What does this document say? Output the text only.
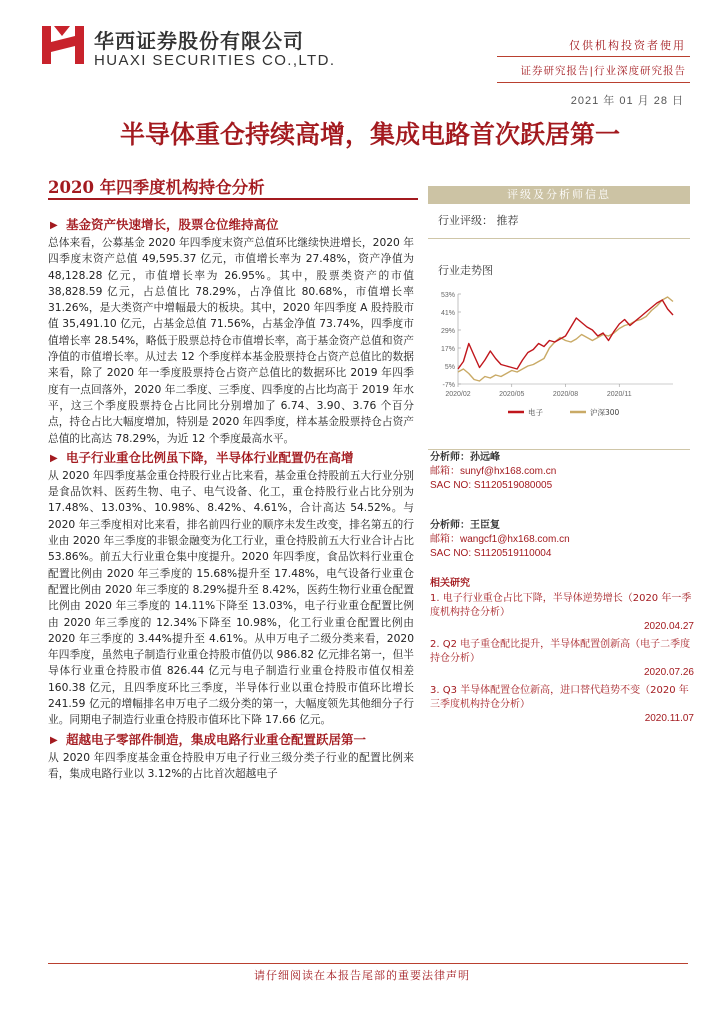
华西证券股份有限公司
HUAXI SECURITIES CO.,LTD.
仅供机构投资者使用
证券研究报告|行业深度研究报告
2021 年 01 月 28 日
半导体重仓持续高增，集成电路首次跃居第一
2020 年四季度机构持仓分析
▶ 基金资产快速增长，股票仓位维持高位

总体来看，公募基金 2020 年四季度末资产总值环比继续快进增长，2020 年四季度末资产总值 49,595.37 亿元，市值增长率为 27.48%，资产净值为 48,128.28 亿元，市值增长率为 26.95%。其中，股票类资产的市值 38,828.59 亿元，占总值比 78.29%，占净值比 80.68%，市值增长率 31.26%，是大类资产中增幅最大的板块。其中，2020 年四季度 A 股持股市值 35,491.10 亿元，占基金总值 71.56%，占基金净值 73.74%，四季度市值增长率 28.54%，略低于股票总持仓市值增长率，高于基金资产总值和资产净值的市值增长率。从过去 12 个季度样本基金股票持仓占资产总值比的数据来看，除了 2020 年一季度股票持仓占资产总值比的数据环比 2019 年四季度有一点回落外，2020 年二季度、三季度、四季度的占比均高于 2019 年水平，这三个季度股票持仓占比同比分别增加了 6.74、3.90、3.76 个百分点，持仓占比大幅度增加，特别是 2020 年四季度，样本基金股票持仓占资产总值的比高达 78.29%，为近 12 个季度最高水平。

▶ 电子行业重仓比例虽下降，半导体行业配置仍在高增

从 2020 年四季度基金重仓持股行业占比来看，基金重仓持股前五大行业分别是食品饮料、医药生物、电子、电气设备、化工，重仓持股行业占比分别为 17.48%、13.03%、10.98%、8.42%、4.61%，合计高达 54.52%。与 2020 年三季度相对比来看，排名前四行业的顺序未发生改变，排名第五的行业由 2020 年三季度的非银金融变为化工行业，重仓持股前五大行业合计占比 53.86%。前五大行业重仓集中度提升。2020 年四季度，食品饮料行业重仓配置比例由 2020 年三季度的 15.68%提升至 17.48%，电气设备行业重仓配置比例由 2020 年三季度的 8.29%提升至 8.42%，医药生物行业重仓配置比例由 2020 年三季度的 14.11%下降至 13.03%，电子行业重仓配置比例由 2020 年三季度的 12.34%下降至 10.98%，化工行业重仓配置比例由 2020 年三季度的 3.44%提升至 4.61%。从申万电子二级分类来看，2020 年四季度，虽然电子制造行业重仓持股市值仍以 986.82 亿元排名第一，但半导体行业重仓持股市值 826.44 亿元与电子制造行业重仓持股市值仅相差 160.38 亿元，且四季度环比三季度，半导体行业以重仓持股市值环比增长 241.59 亿元的增幅排名申万电子二级分类的第一，大幅度领先其他细分子行业。同期电子制造行业重仓持股市值环比下降 17.66 亿元。

▶ 超越电子零部件制造，集成电路行业重仓配置跃居第一

从 2020 年四季度基金重仓持股申万电子行业三级分类子行业的配置比例来看，集成电路行业以 3.12%的占比首次超越电子

评级及分析师信息
行业评级： 推荐
行业走势图
53%
41%
29%
17%
5%
-7%
2020/02	2020/05	2020/08	2020/11
电子	沪深300
分析师：孙远峰
邮箱：sunyf@hx168.com.cn
SAC NO: S1120519080005
分析师：王臣复
邮箱：wangcf1@hx168.com.cn
SAC NO: S1120519110004
相关研究
1. 电子行业重仓占比下降，半导体逆势增长（2020 年一季度机构持仓分析）
2020.04.27
2. Q2 电子重仓配比提升，半导体配置创新高（电子二季度持仓分析）
2020.07.26
3. Q3 半导体配置仓位新高，进口替代趋势不变（2020 年三季度机构持仓分析）
2020.11.07
请仔细阅读在本报告尾部的重要法律声明
